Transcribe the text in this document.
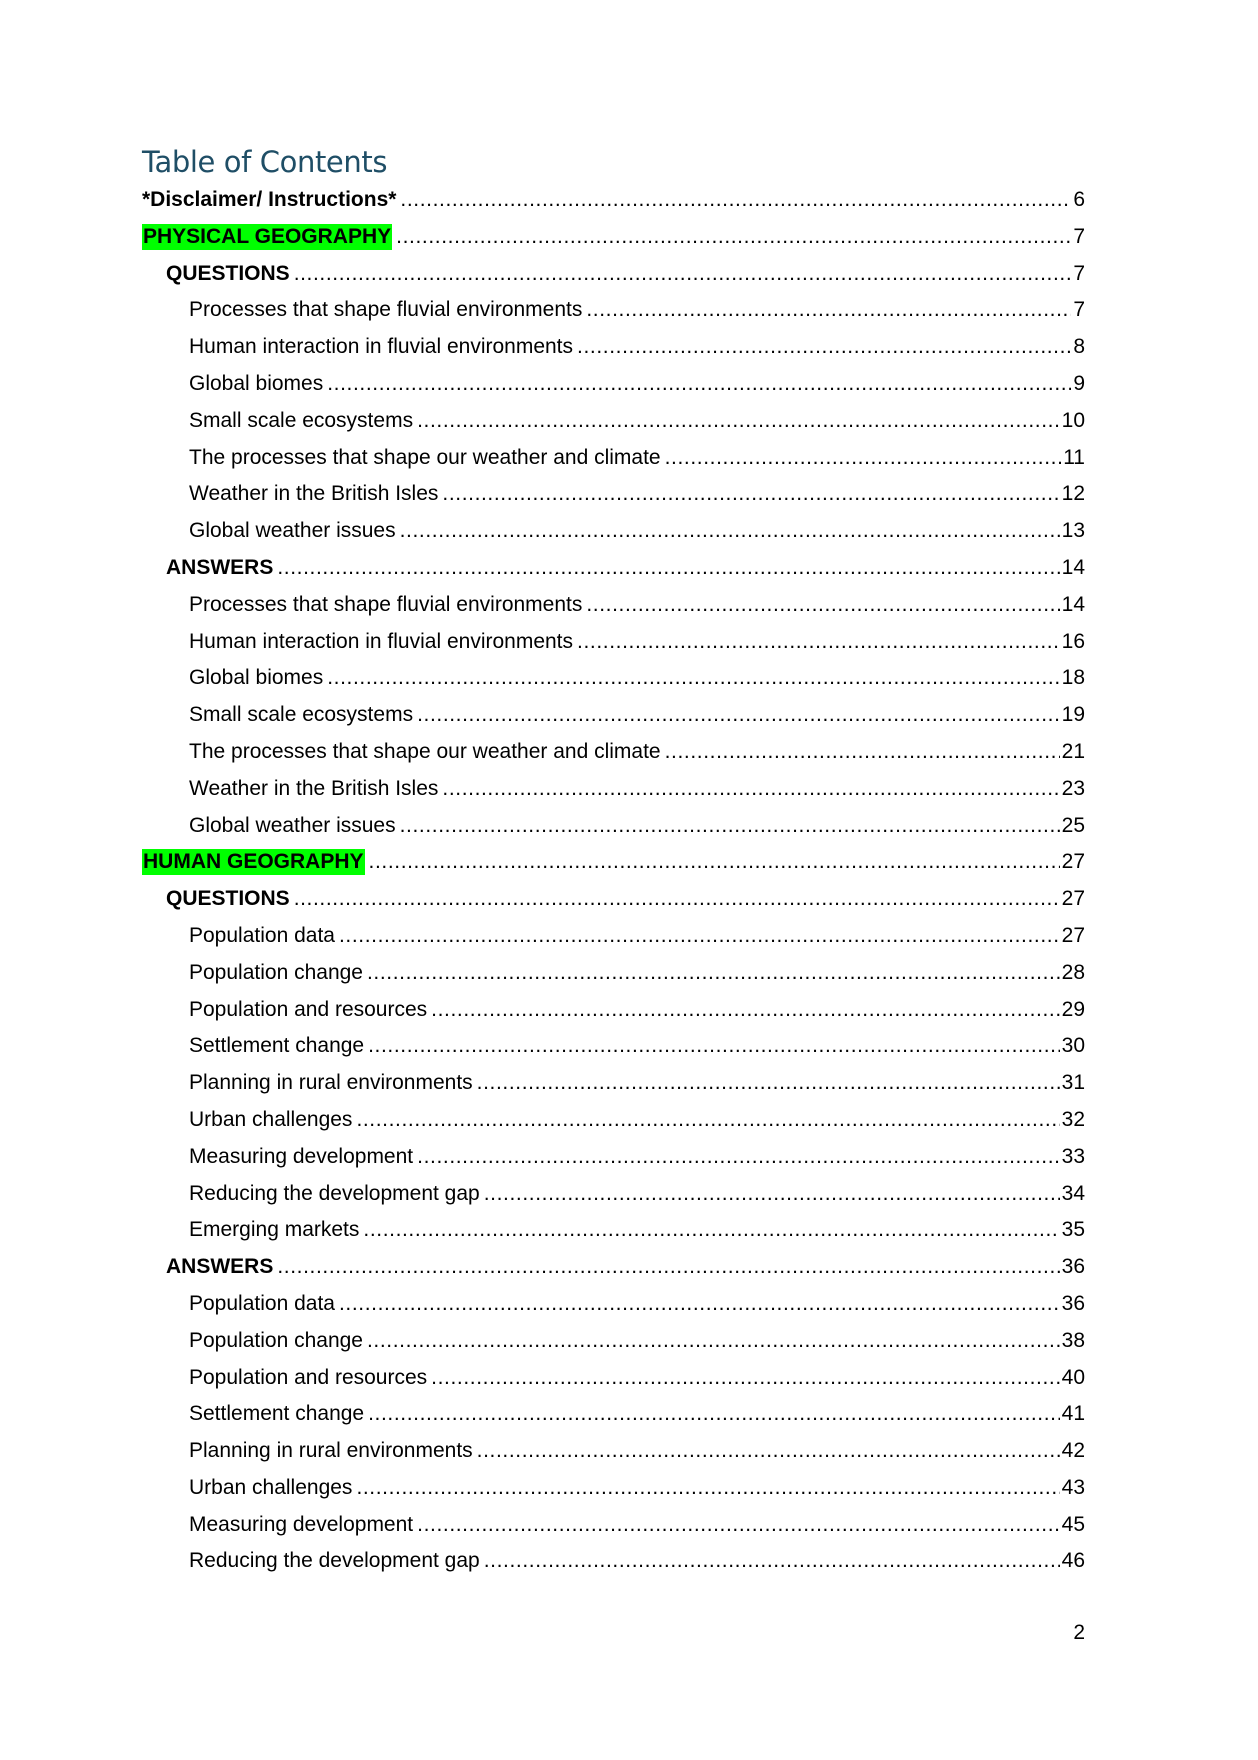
Table of Contents
*Disclaimer/ Instructions* .....	6
PHYSICAL GEOGRAPHY .....	7
QUESTIONS .....	7
Processes that shape fluvial environments .....	7
Human interaction in fluvial environments .....	8
Global biomes .....	9
Small scale ecosystems .....	10
The processes that shape our weather and climate .....	11
Weather in the British Isles .....	12
Global weather issues .....	13
ANSWERS .....	14
Processes that shape fluvial environments .....	14
Human interaction in fluvial environments .....	16
Global biomes .....	18
Small scale ecosystems .....	19
The processes that shape our weather and climate .....	21
Weather in the British Isles .....	23
Global weather issues .....	25
HUMAN GEOGRAPHY .....	27
QUESTIONS .....	27
Population data .....	27
Population change .....	28
Population and resources .....	29
Settlement change .....	30
Planning in rural environments .....	31
Urban challenges .....	32
Measuring development .....	33
Reducing the development gap .....	34
Emerging markets .....	35
ANSWERS .....	36
Population data .....	36
Population change .....	38
Population and resources .....	40
Settlement change .....	41
Planning in rural environments .....	42
Urban challenges .....	43
Measuring development .....	45
Reducing the development gap .....	46
2
